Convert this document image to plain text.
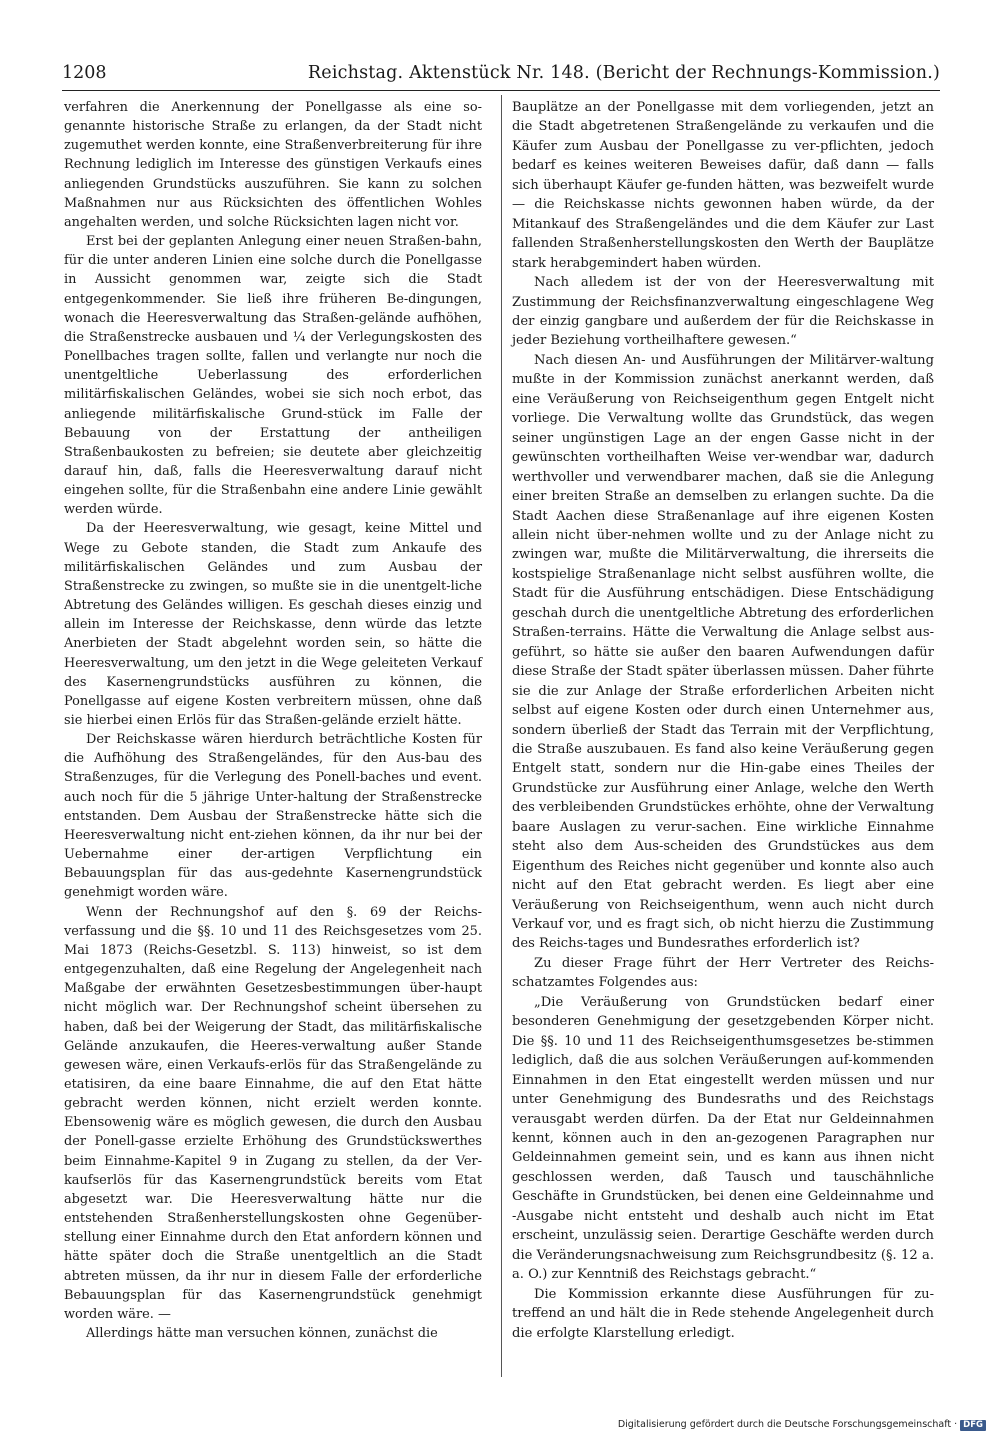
1208	Reichstag. Aktenstück Nr. 148. (Bericht der Rechnungs-Kommission.)

verfahren die Anerkennung der Ponellgasse als eine so-genannte historische Straße zu erlangen, da der Stadt nicht zugemuthet werden konnte, eine Straßenverbreiterung für ihre Rechnung lediglich im Interesse des günstigen Verkaufs eines anliegenden Grundstücks auszuführen. Sie kann zu solchen Maßnahmen nur aus Rücksichten des öffentlichen Wohles angehalten werden, und solche Rücksichten lagen nicht vor.

Erst bei der geplanten Anlegung einer neuen Straßen-bahn, für die unter anderen Linien eine solche durch die Ponellgasse in Aussicht genommen war, zeigte sich die Stadt entgegenkommender. Sie ließ ihre früheren Be-dingungen, wonach die Heeresverwaltung das Straßen-gelände aufhöhen, die Straßenstrecke ausbauen und ¼ der Verlegungskosten des Ponellbaches tragen sollte, fallen und verlangte nur noch die unentgeltliche Ueberlassung des erforderlichen militärfiskalischen Geländes, wobei sie sich noch erbot, das anliegende militärfiskalische Grund-stück im Falle der Bebauung von der Erstattung der antheiligen Straßenbaukosten zu befreien; sie deutete aber gleichzeitig darauf hin, daß, falls die Heeresverwaltung darauf nicht eingehen sollte, für die Straßenbahn eine andere Linie gewählt werden würde.

Da der Heeresverwaltung, wie gesagt, keine Mittel und Wege zu Gebote standen, die Stadt zum Ankaufe des militärfiskalischen Geländes und zum Ausbau der Straßenstrecke zu zwingen, so mußte sie in die unentgelt-liche Abtretung des Geländes willigen. Es geschah dieses einzig und allein im Interesse der Reichskasse, denn würde das letzte Anerbieten der Stadt abgelehnt worden sein, so hätte die Heeresverwaltung, um den jetzt in die Wege geleiteten Verkauf des Kasernengrundstücks ausführen zu können, die Ponellgasse auf eigene Kosten verbreitern müssen, ohne daß sie hierbei einen Erlös für das Straßen-gelände erzielt hätte.

Der Reichskasse wären hierdurch beträchtliche Kosten für die Aufhöhung des Straßengeländes, für den Aus-bau des Straßenzuges, für die Verlegung des Ponell-baches und event. auch noch für die 5 jährige Unter-haltung der Straßenstrecke entstanden. Dem Ausbau der Straßenstrecke hätte sich die Heeresverwaltung nicht ent-ziehen können, da ihr nur bei der Uebernahme einer der-artigen Verpflichtung ein Bebauungsplan für das aus-gedehnte Kasernengrundstück genehmigt worden wäre.

Wenn der Rechnungshof auf den §. 69 der Reichs-verfassung und die §§. 10 und 11 des Reichsgesetzes vom 25. Mai 1873 (Reichs-Gesetzbl. S. 113) hinweist, so ist dem entgegenzuhalten, daß eine Regelung der Angelegenheit nach Maßgabe der erwähnten Gesetzesbestimmungen über-haupt nicht möglich war. Der Rechnungshof scheint übersehen zu haben, daß bei der Weigerung der Stadt, das militärfiskalische Gelände anzukaufen, die Heeres-verwaltung außer Stande gewesen wäre, einen Verkaufs-erlös für das Straßengelände zu etatisiren, da eine baare Einnahme, die auf den Etat hätte gebracht werden können, nicht erzielt werden konnte. Ebensowenig wäre es möglich gewesen, die durch den Ausbau der Ponell-gasse erzielte Erhöhung des Grundstückswerthes beim Einnahme-Kapitel 9 in Zugang zu stellen, da der Ver-kaufserlös für das Kasernengrundstück bereits vom Etat abgesetzt war. Die Heeresverwaltung hätte nur die entstehenden Straßenherstellungskosten ohne Gegenüber-stellung einer Einnahme durch den Etat anfordern können und hätte später doch die Straße unentgeltlich an die Stadt abtreten müssen, da ihr nur in diesem Falle der erforderliche Bebauungsplan für das Kasernengrundstück genehmigt worden wäre. —

Allerdings hätte man versuchen können, zunächst die

Bauplätze an der Ponellgasse mit dem vorliegenden, jetzt an die Stadt abgetretenen Straßengelände zu verkaufen und die Käufer zum Ausbau der Ponellgasse zu ver-pflichten, jedoch bedarf es keines weiteren Beweises dafür, daß dann — falls sich überhaupt Käufer ge-funden hätten, was bezweifelt wurde — die Reichskasse nichts gewonnen haben würde, da der Mitankauf des Straßengeländes und die dem Käufer zur Last fallenden Straßenherstellungskosten den Werth der Bauplätze stark herabgemindert haben würden.

Nach alledem ist der von der Heeresverwaltung mit Zustimmung der Reichsfinanzverwaltung eingeschlagene Weg der einzig gangbare und außerdem der für die Reichskasse in jeder Beziehung vortheilhaftere gewesen.“

Nach diesen An- und Ausführungen der Militärver-waltung mußte in der Kommission zunächst anerkannt werden, daß eine Veräußerung von Reichseigenthum gegen Entgelt nicht vorliege. Die Verwaltung wollte das Grundstück, das wegen seiner ungünstigen Lage an der engen Gasse nicht in der gewünschten vortheilhaften Weise ver-wendbar war, dadurch werthvoller und verwendbarer machen, daß sie die Anlegung einer breiten Straße an demselben zu erlangen suchte. Da die Stadt Aachen diese Straßenanlage auf ihre eigenen Kosten allein nicht über-nehmen wollte und zu der Anlage nicht zu zwingen war, mußte die Militärverwaltung, die ihrerseits die kostspielige Straßenanlage nicht selbst ausführen wollte, die Stadt für die Ausführung entschädigen. Diese Entschädigung geschah durch die unentgeltliche Abtretung des erforderlichen Straßen-terrains. Hätte die Verwaltung die Anlage selbst aus-geführt, so hätte sie außer den baaren Aufwendungen dafür diese Straße der Stadt später überlassen müssen. Daher führte sie die zur Anlage der Straße erforderlichen Arbeiten nicht selbst auf eigene Kosten oder durch einen Unternehmer aus, sondern überließ der Stadt das Terrain mit der Verpflichtung, die Straße auszubauen. Es fand also keine Veräußerung gegen Entgelt statt, sondern nur die Hin-gabe eines Theiles der Grundstücke zur Ausführung einer Anlage, welche den Werth des verbleibenden Grundstückes erhöhte, ohne der Verwaltung baare Auslagen zu verur-sachen. Eine wirkliche Einnahme steht also dem Aus-scheiden des Grundstückes aus dem Eigenthum des Reiches nicht gegenüber und konnte also auch nicht auf den Etat gebracht werden. Es liegt aber eine Veräußerung von Reichseigenthum, wenn auch nicht durch Verkauf vor, und es fragt sich, ob nicht hierzu die Zustimmung des Reichs-tages und Bundesrathes erforderlich ist?

Zu dieser Frage führt der Herr Vertreter des Reichs-schatzamtes Folgendes aus:

„Die Veräußerung von Grundstücken bedarf einer besonderen Genehmigung der gesetzgebenden Körper nicht. Die §§. 10 und 11 des Reichseigenthumsgesetzes be-stimmen lediglich, daß die aus solchen Veräußerungen auf-kommenden Einnahmen in den Etat eingestellt werden müssen und nur unter Genehmigung des Bundesraths und des Reichstags verausgabt werden dürfen. Da der Etat nur Geldeinnahmen kennt, können auch in den an-gezogenen Paragraphen nur Geldeinnahmen gemeint sein, und es kann aus ihnen nicht geschlossen werden, daß Tausch und tauschähnliche Geschäfte in Grundstücken, bei denen eine Geldeinnahme und -Ausgabe nicht entsteht und deshalb auch nicht im Etat erscheint, unzulässig seien. Derartige Geschäfte werden durch die Veränderungsnachweisung zum Reichsgrundbesitz (§. 12 a. a. O.) zur Kenntniß des Reichstags gebracht.“

Die Kommission erkannte diese Ausführungen für zu-treffend an und hält die in Rede stehende Angelegenheit durch die erfolgte Klarstellung erledigt.

Digitalisierung gefördert durch die Deutsche Forschungsgemeinschaft · DFG
